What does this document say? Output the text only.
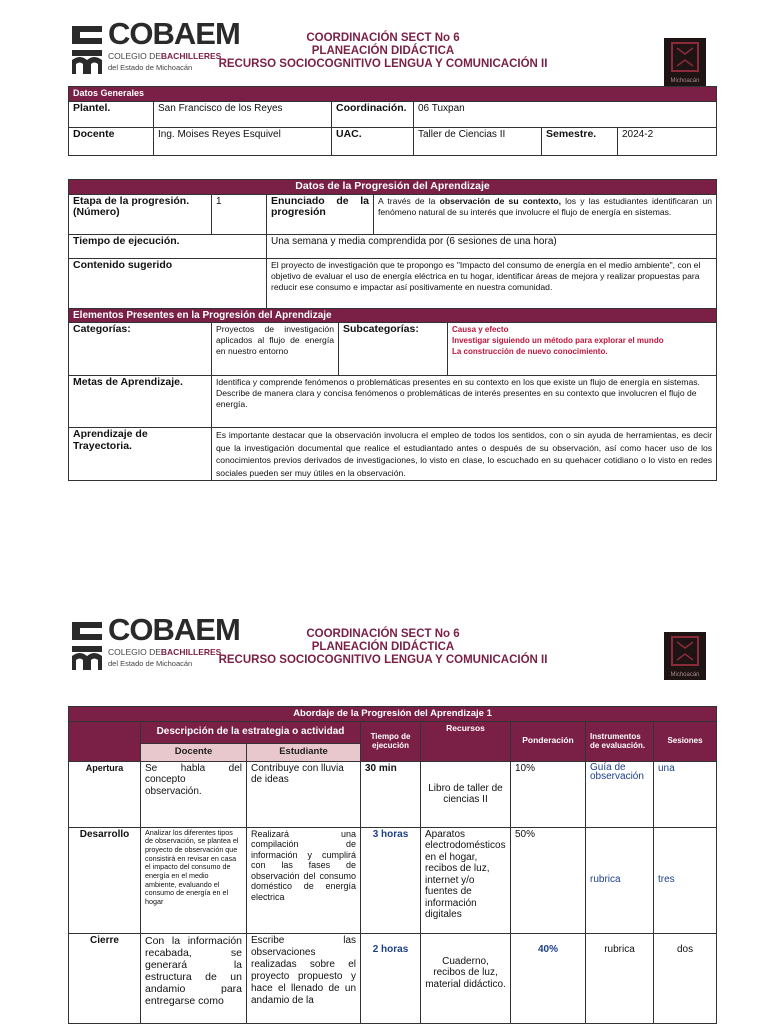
COBAEM
COLEGIO DEBACHILLERES
del Estado de Michoacán
COORDINACIÓN SECT No 6
PLANEACIÓN DIDÁCTICA
RECURSO SOCIOCOGNITIVO LENGUA Y COMUNICACIÓN II
Michoacán
Datos Generales					
Plantel.	San Francisco de los Reyes	Coordinación.	06 Tuxpan		
Docente	Ing. Moises Reyes Esquivel	UAC.	Taller de Ciencias II	Semestre.	2024-2
Datos de la Progresión del Aprendizaje				
Etapa de la progresión. (Número)	1	Enunciado de la progresión		A través de la observación de su contexto, los y las estudiantes identificaran un fenómeno natural de su interés que involucre el flujo de energía en sistemas.
Tiempo de ejecución.		Una semana y media comprendida por (6 sesiones de una hora)		
Contenido sugerido		El proyecto de investigación que te propongo es "Impacto del consumo de energía en el medio ambiente", con el objetivo de evaluar el uso de energía eléctrica en tu hogar, identificar áreas de mejora y realizar propuestas para reducir ese consumo e impactar así positivamente en nuestra comunidad.		
Elementos Presentes en la Progresión del Aprendizaje				
Categorías:	Proyectos de investigación aplicados al flujo de energía en nuestro entorno		Subcategorías: Causa y efecto
Investigar siguiendo un método para explorar el mundo
La construcción de nuevo conocimiento.	

Metas de Aprendizaje.	Identifica y comprende fenómenos o problemáticas presentes en su contexto en los que existe un flujo de energía en sistemas.
Describe de manera clara y concisa fenómenos o problemáticas de interés presentes en su contexto que involucren el flujo de energía.			

Aprendizaje de Trayectoria.	Es importante destacar que la observación involucra el empleo de todos los sentidos, con o sin ayuda de herramientas, es decir que la investigación documental que realice el estudiantado antes o después de su observación, así como hacer uso de los conocimientos previos derivados de investigaciones, lo visto en clase, lo escuchado en su quehacer cotidiano o lo visto en redes sociales pueden ser muy útiles en la observación.			
COBAEM
COLEGIO DEBACHILLERES
del Estado de Michoacán
COORDINACIÓN SECT No 6
PLANEACIÓN DIDÁCTICA
RECURSO SOCIOCOGNITIVO LENGUA Y COMUNICACIÓN II
Michoacán
Abordaje de la Progresión del Aprendizaje 1							
	Descripción de la estrategia o actividad		Tiempo de ejecución	Recursos	Ponderación	Instrumentos de evaluación.	Sesiones
	Docente	Estudiante					
Apertura	Se habla del concepto observación.	Contribuye con lluvia de ideas	30 min	Libro de taller de ciencias II	10%	Guía de observación	una
Desarrollo	Analizar los diferentes tipos de observación, se plantea el proyecto de observación que consistirá en revisar en casa el impacto del consumo de energía en el medio ambiente, evaluando el consumo de energía en el hogar	Realizará una compilación de información y cumplirá con las fases de observación del consumo doméstico de energía electrica	3 horas	Aparatos electrodomésticos en el hogar, recibos de luz, internet y/o fuentes de información digitales	50%	rubrica	tres
Cierre	Con la información recabada, se generará la estructura de un andamio para entregarse como	Escribe las observaciones realizadas sobre el proyecto propuesto y hace el llenado de un andamio de la	2 horas	Cuaderno, recibos de luz, material didáctico.	40%	rubrica	dos
